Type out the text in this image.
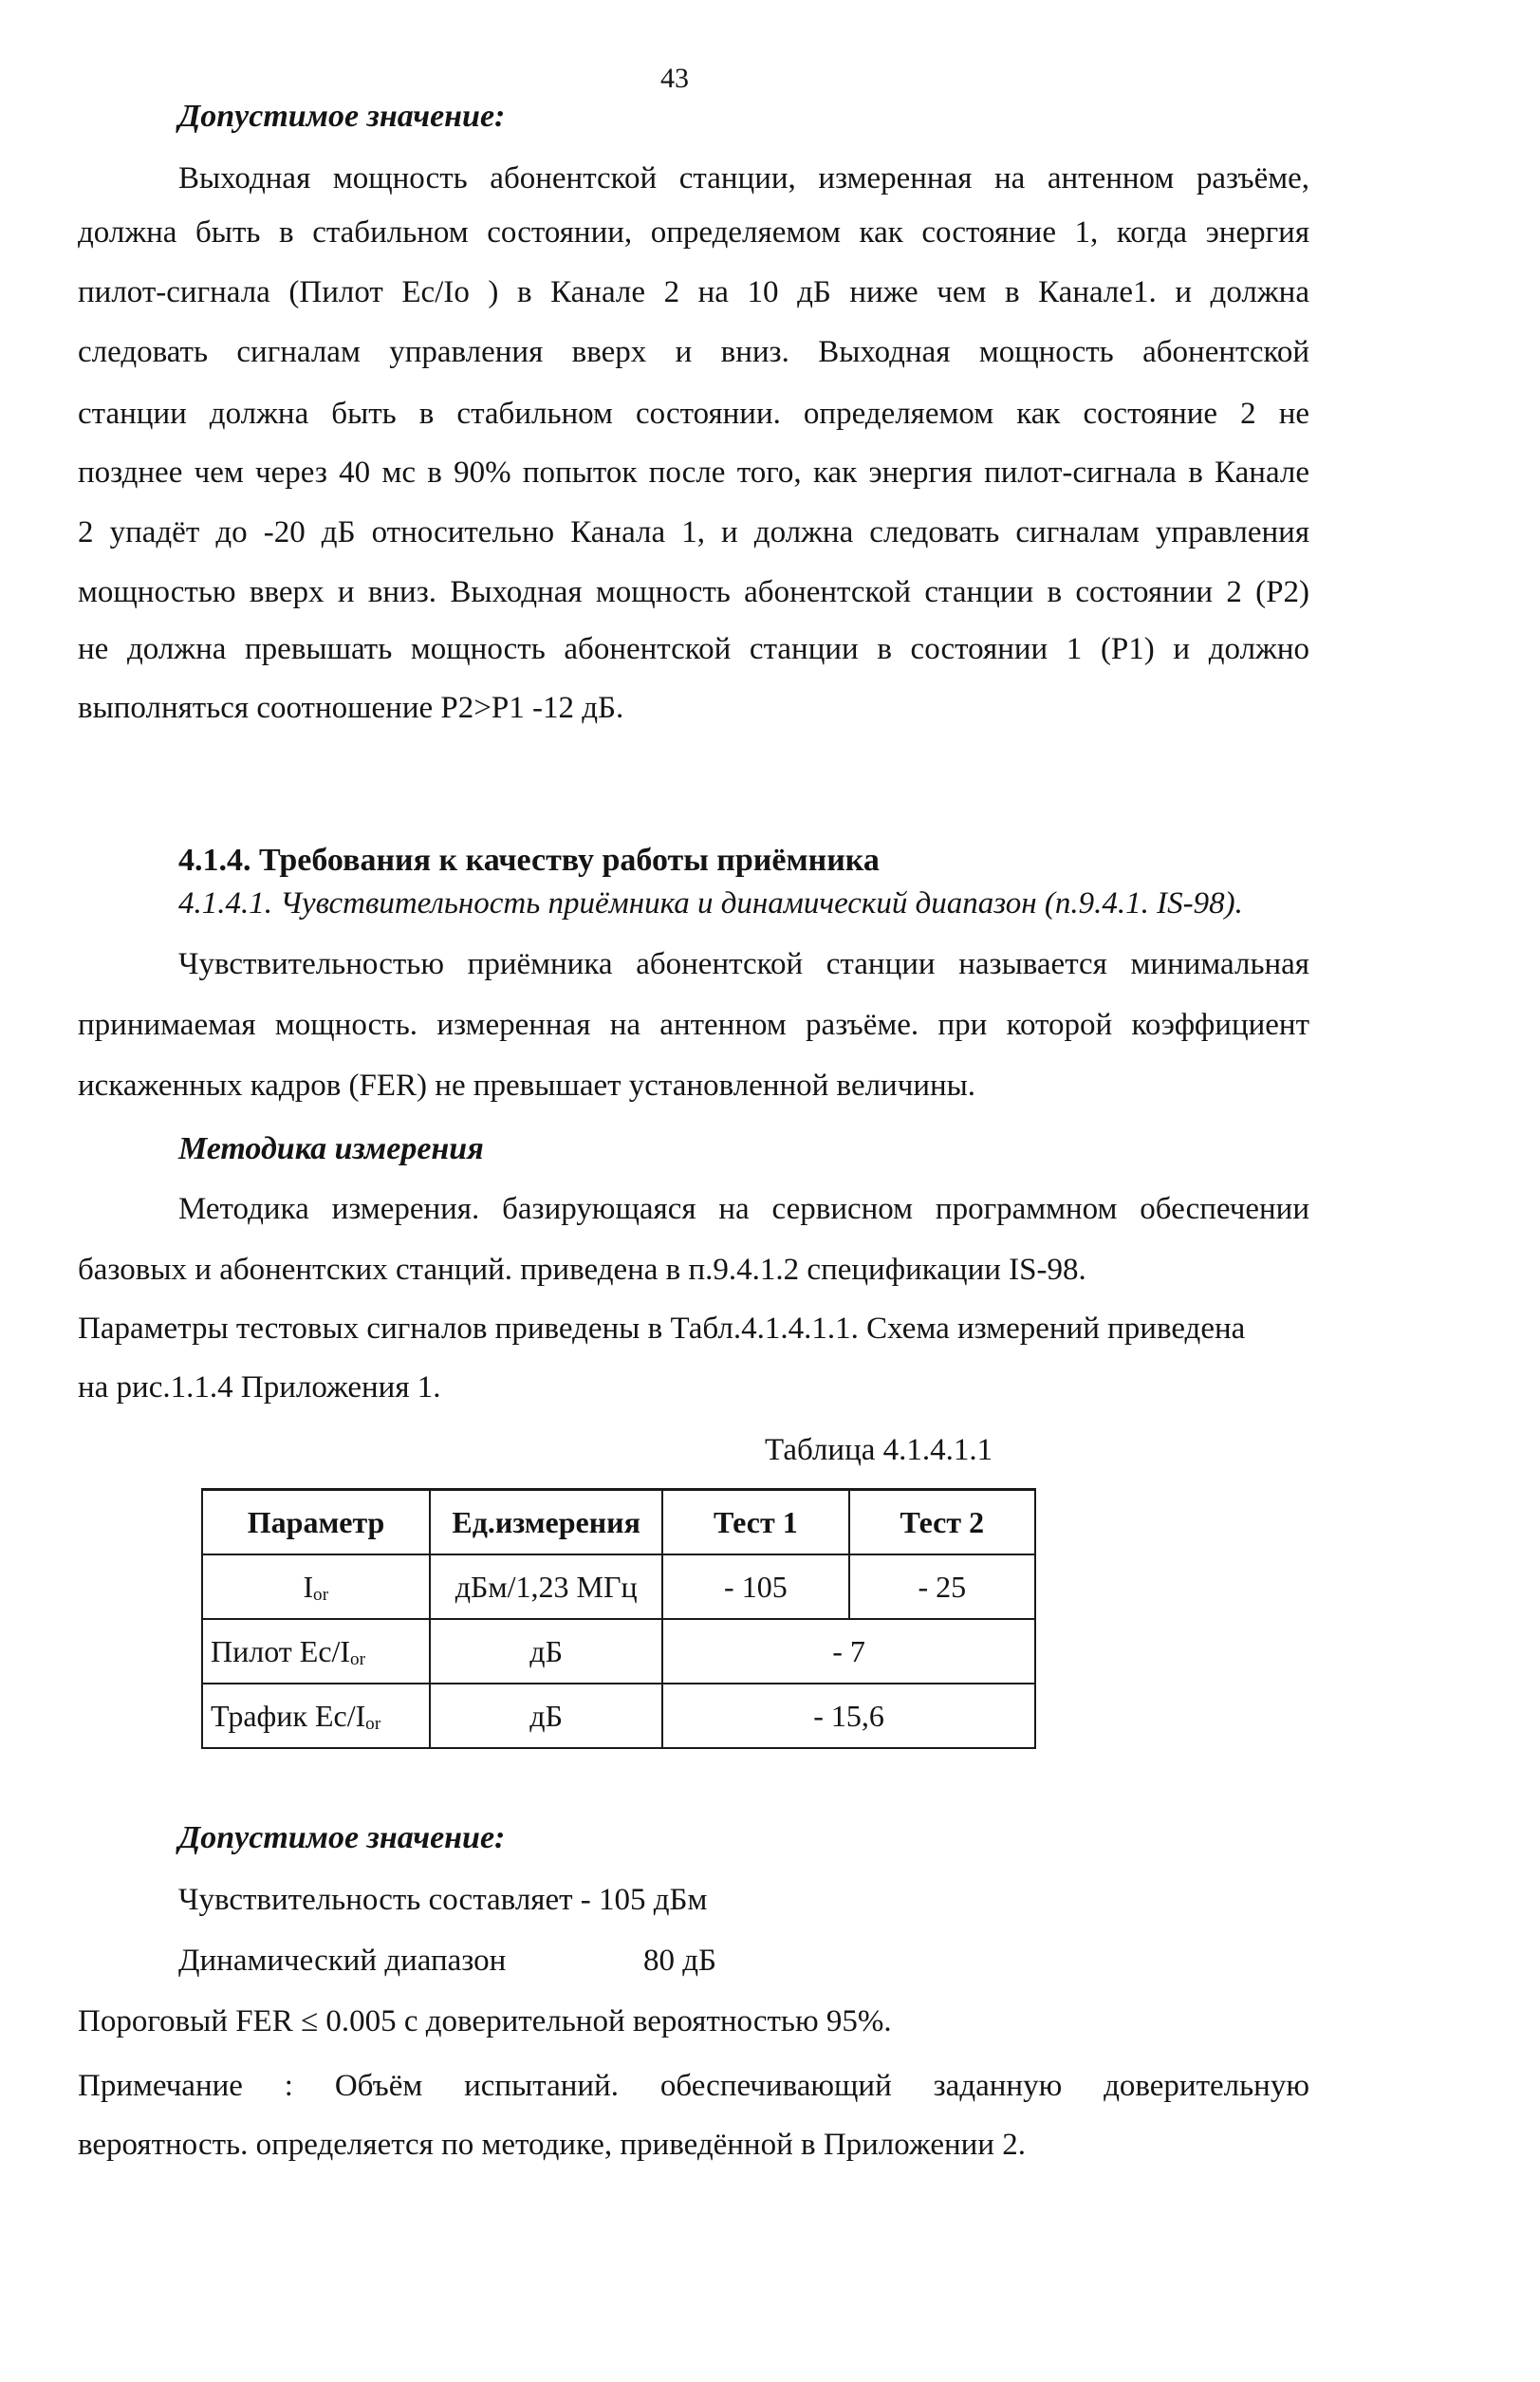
43
Допустимое значение:
Выходная мощность абонентской станции, измеренная на антенном разъёме,
должна быть в стабильном состоянии, определяемом как состояние 1, когда энергия
пилот-сигнала (Пилот Eс/Iо ) в Канале 2 на 10 дБ ниже чем в Канале1. и должна
следовать сигналам управления вверх и вниз. Выходная мощность абонентской
станции должна быть в стабильном состоянии. определяемом как состояние 2 не
позднее чем через 40 мс в 90% попыток после того, как энергия пилот-сигнала в Канале
2 упадёт до -20 дБ относительно Канала 1, и должна следовать сигналам управления
мощностью вверх и вниз. Выходная мощность абонентской станции в состоянии 2 (Р2)
не должна превышать мощность абонентской станции в состоянии 1 (Р1) и должно
выполняться соотношение Р2>Р1 -12 дБ.
4.1.4. Требования к качеству работы приёмника
4.1.4.1. Чувствительность приёмника и динамический диапазон (п.9.4.1. IS-98).
Чувствительностью приёмника абонентской станции называется минимальная
принимаемая мощность. измеренная на антенном разъёме. при которой коэффициент
искаженных кадров (FER) не превышает установленной величины.
Методика измерения
Методика измерения. базирующаяся на сервисном программном обеспечении
базовых и абонентских станций. приведена в п.9.4.1.2 спецификации IS-98.
Параметры тестовых сигналов приведены в Табл.4.1.4.1.1. Схема измерений приведена
на рис.1.1.4 Приложения 1.
Таблица 4.1.4.1.1
Параметр	Ед.измерения	Тест 1	Тест 2
Iₒᵣ	дБм/1,23 МГц	- 105	- 25
Пилот Eс/Iₒᵣ	дБ	- 7	
Трафик Eс/Iₒᵣ	дБ	- 15,6	
Допустимое значение:
Чувствительность составляет - 105 дБм
Динамический диапазон	80 дБ
Пороговый FER ≤ 0.005 с доверительной вероятностью 95%.
Примечание : Объём испытаний. обеспечивающий заданную доверительную
вероятность. определяется по методике, приведённой в Приложении 2.
